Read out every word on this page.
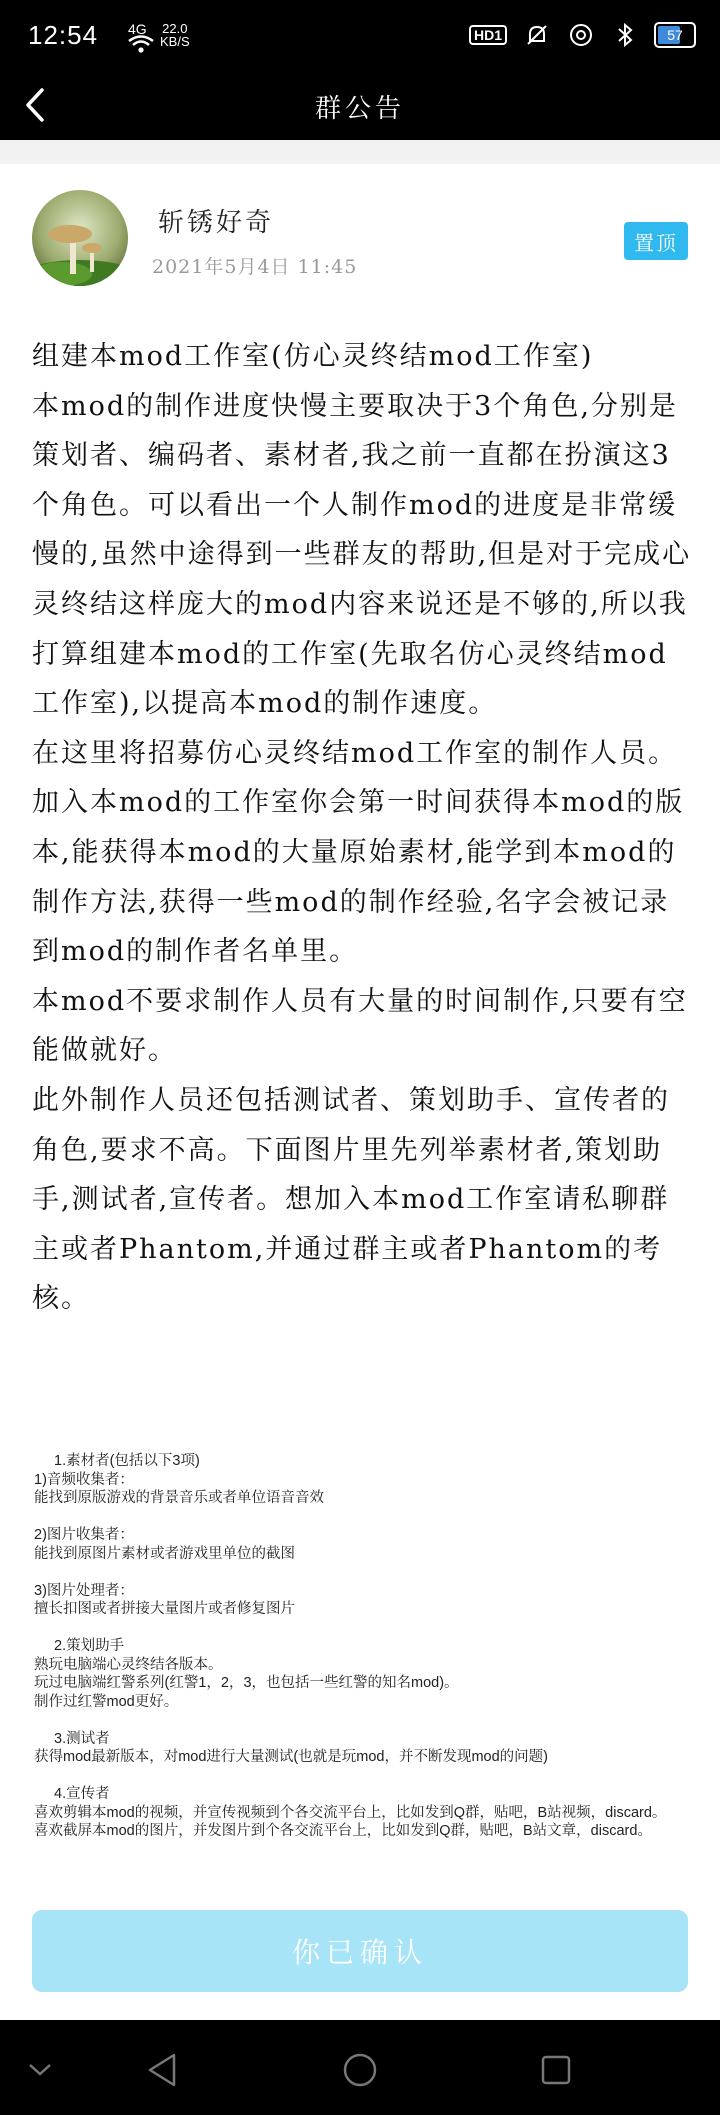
12:54 4G 22.0
KB/S	HD1	57
群公告
斩锈好奇
2021年5月4日 11:45
置顶

组建本mod工作室(仿心灵终结mod工作室)

本mod的制作进度快慢主要取决于3个角色,分别是策划者、编码者、素材者,我之前一直都在扮演这3个角色。可以看出一个人制作mod的进度是非常缓慢的,虽然中途得到一些群友的帮助,但是对于完成心灵终结这样庞大的mod内容来说还是不够的,所以我打算组建本mod的工作室(先取名仿心灵终结mod工作室),以提高本mod的制作速度。

在这里将招募仿心灵终结mod工作室的制作人员。

加入本mod的工作室你会第一时间获得本mod的版本,能获得本mod的大量原始素材,能学到本mod的制作方法,获得一些mod的制作经验,名字会被记录到mod的制作者名单里。

本mod不要求制作人员有大量的时间制作,只要有空能做就好。

此外制作人员还包括测试者、策划助手、宣传者的角色,要求不高。下面图片里先列举素材者,策划助手,测试者,宣传者。想加入本mod工作室请私聊群主或者Phantom,并通过群主或者Phantom的考核。

1.素材者(包括以下3项)
1)音频收集者：
能找到原版游戏的背景音乐或者单位语音音效

2)图片收集者：
能找到原图片素材或者游戏里单位的截图

3)图片处理者：
擅长扣图或者拼接大量图片或者修复图片
2.策划助手
熟玩电脑端心灵终结各版本。
玩过电脑端红警系列(红警1，2，3，也包括一些红警的知名mod)。
制作过红警mod更好。
3.测试者
获得mod最新版本，对mod进行大量测试(也就是玩mod，并不断发现mod的问题)
4.宣传者
喜欢剪辑本mod的视频，并宣传视频到个各交流平台上，比如发到Q群，贴吧，B站视频，discard。
喜欢截屏本mod的图片，并发图片到个各交流平台上，比如发到Q群，贴吧，B站文章，discard。
你已确认
